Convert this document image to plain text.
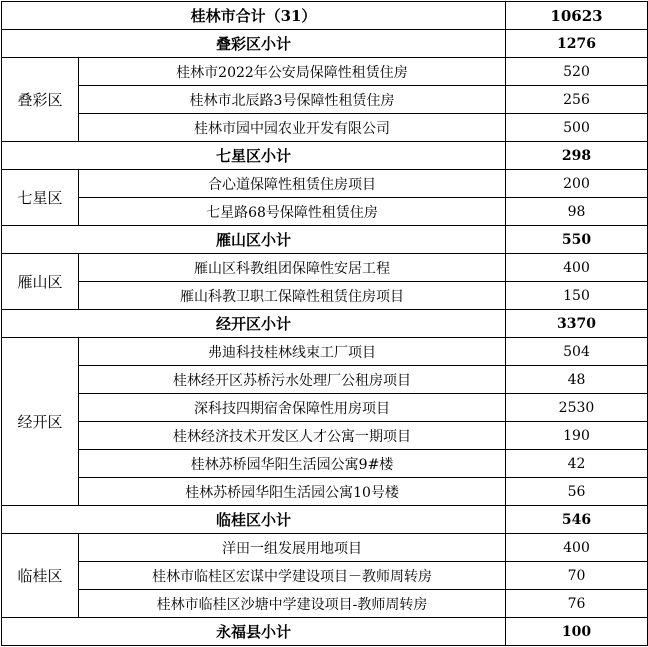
桂林市合计（31）		10623
叠彩区小计		1276
叠彩区	桂林市2022年公安局保障性租赁住房	520
	桂林市北辰路3号保障性租赁住房	256
	桂林市园中园农业开发有限公司	500
七星区小计		298
七星区	合心道保障性租赁住房项目	200
	七星路68号保障性租赁住房	98
雁山区小计		550
雁山区	雁山区科教组团保障性安居工程	400
	雁山科教卫职工保障性租赁住房项目	150
经开区小计		3370
经开区	弗迪科技桂林线束工厂项目	504
	桂林经开区苏桥污水处理厂公租房项目	48
	深科技四期宿舍保障性用房项目	2530
	桂林经济技术开发区人才公寓一期项目	190
	桂林苏桥园华阳生活园公寓9#楼	42
	桂林苏桥园华阳生活园公寓10号楼	56
临桂区小计		546
临桂区	洋田一组发展用地项目	400
	桂林市临桂区宏谋中学建设项目－教师周转房	70
	桂林市临桂区沙塘中学建设项目-教师周转房	76
永福县小计		100
